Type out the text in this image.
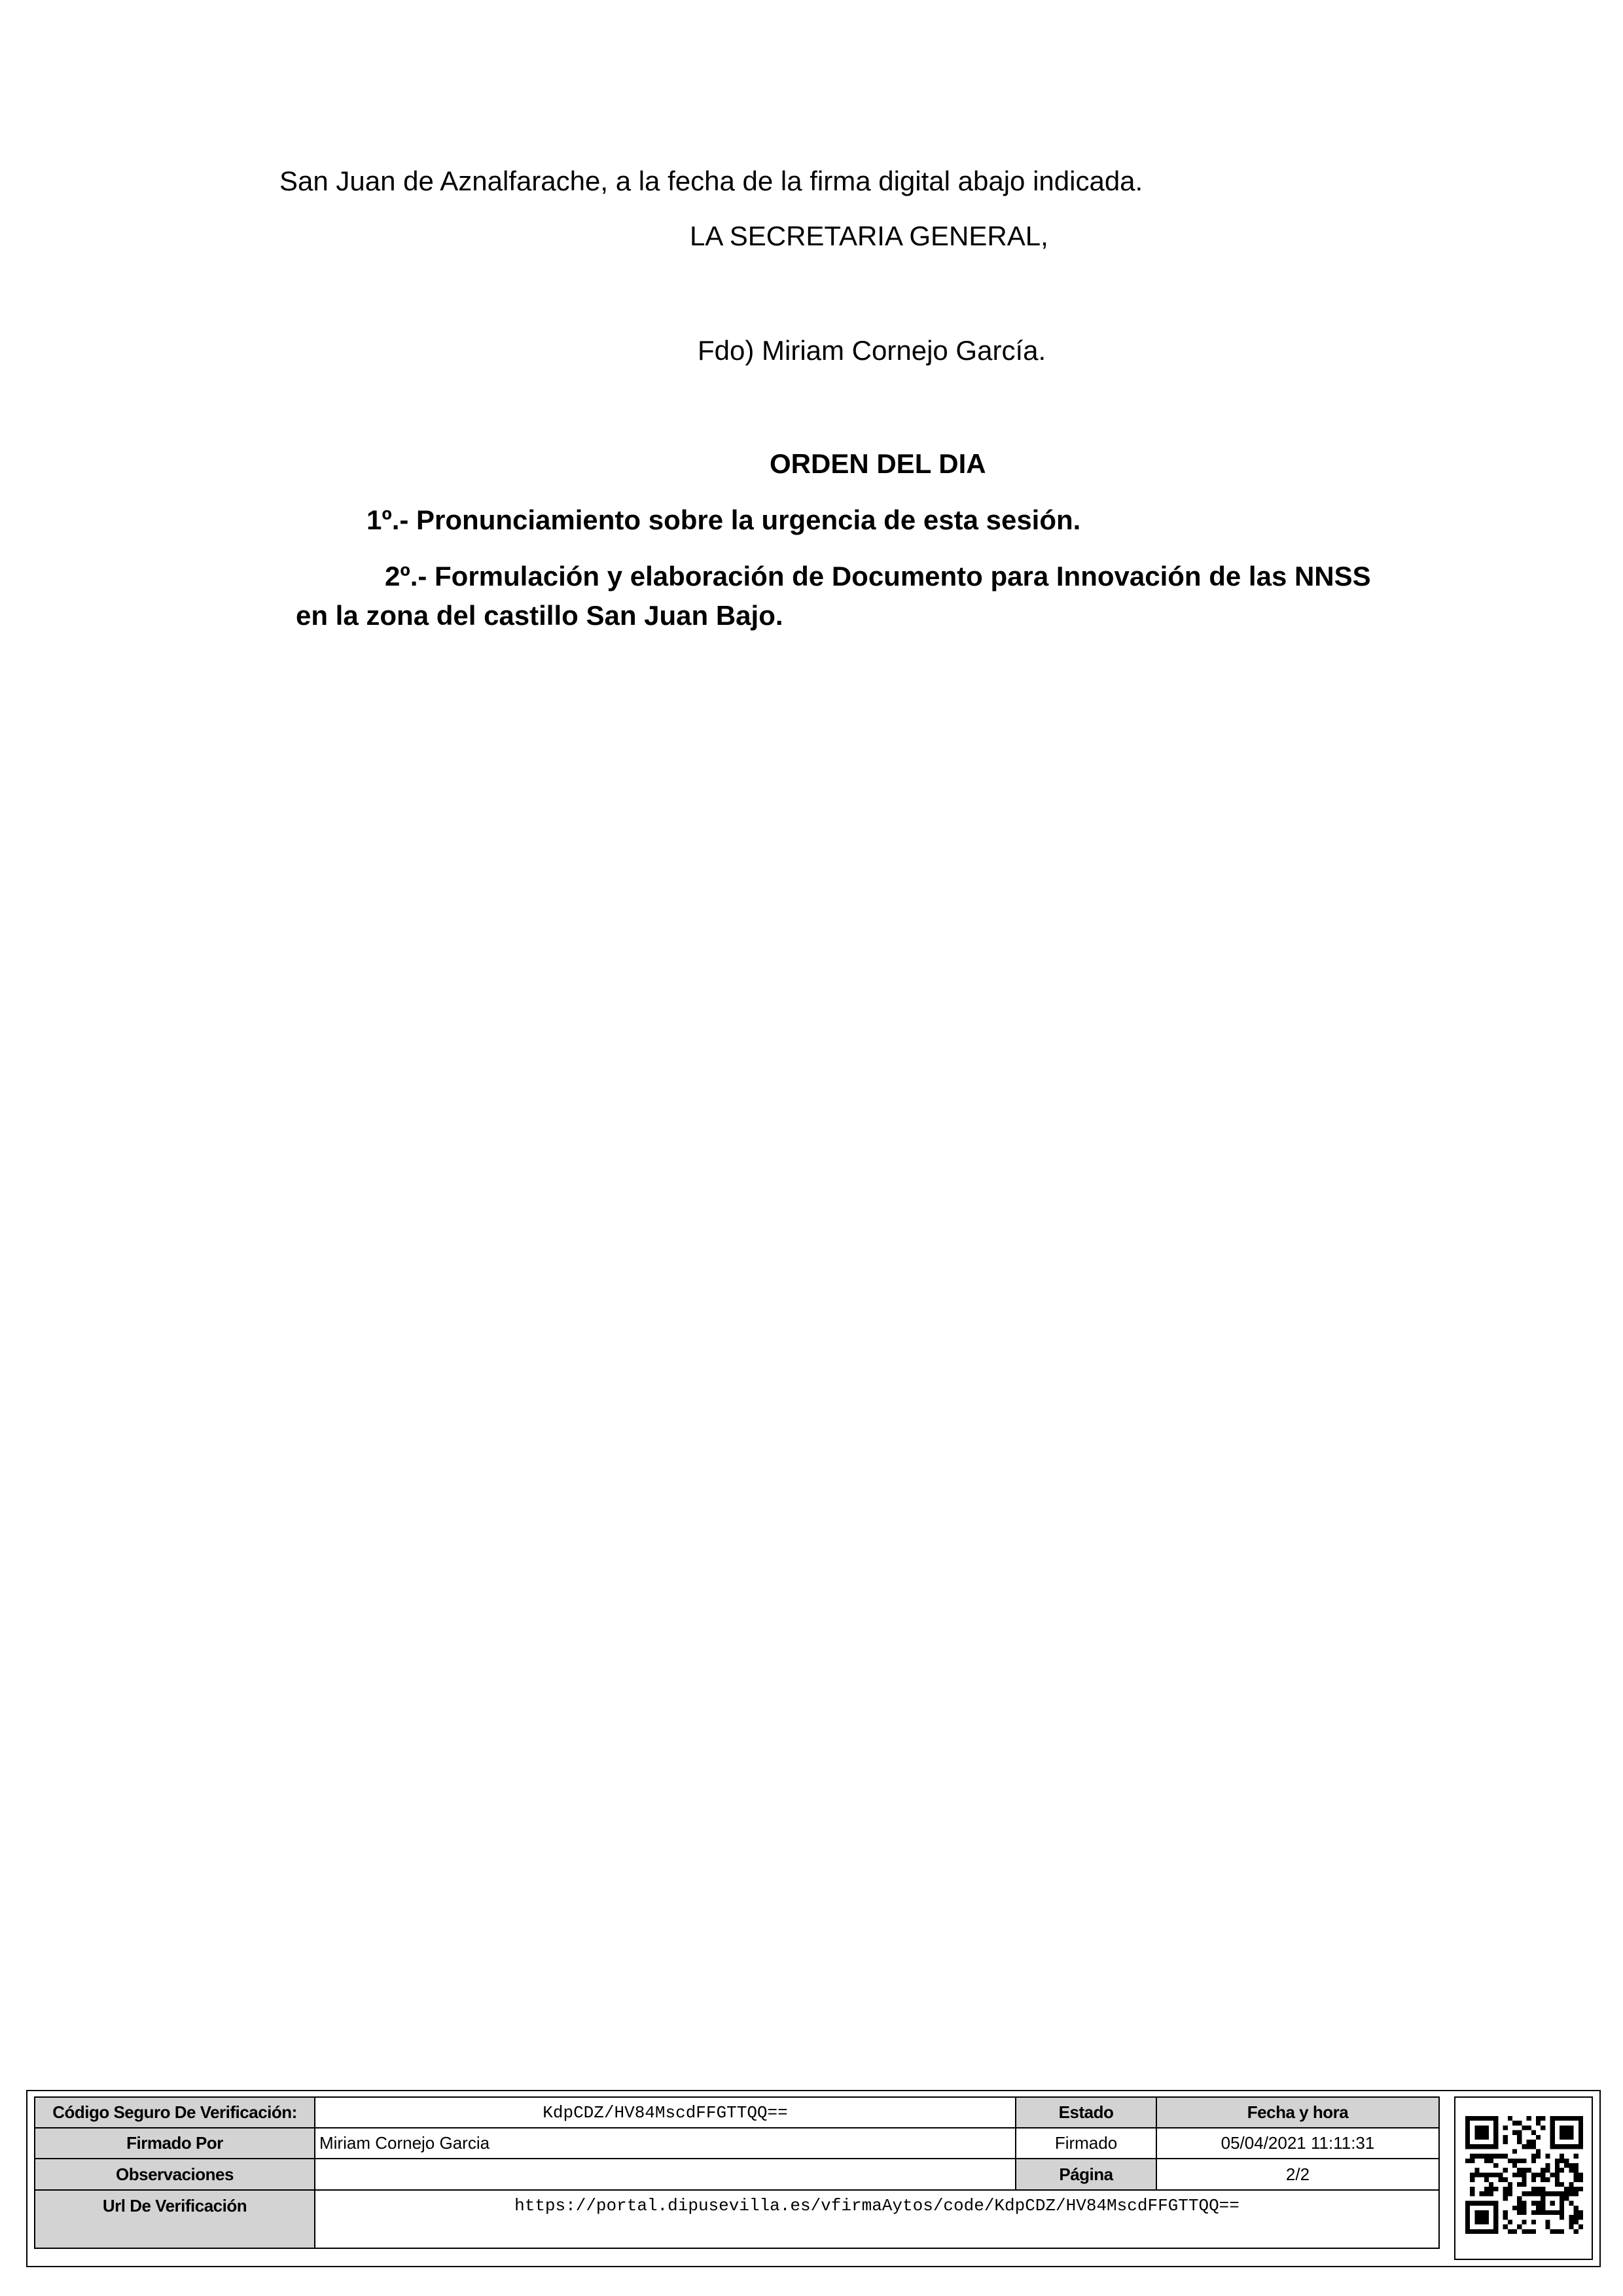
San Juan de Aznalfarache, a la fecha de la firma digital abajo indicada.
LA SECRETARIA GENERAL,
Fdo) Miriam Cornejo García.
ORDEN DEL DIA
1º.- Pronunciamiento sobre la urgencia de esta sesión.
2º.- Formulación y elaboración de Documento para Innovación de las NNSS
en la zona del castillo San Juan Bajo.
Código Seguro De Verificación:	KdpCDZ/HV84MscdFFGTTQQ==	Estado	Fecha y hora
Firmado Por	Miriam Cornejo Garcia	Firmado	05/04/2021 11:11:31
Observaciones		Página	2/2
Url De Verificación	https://portal.dipusevilla.es/vfirmaAytos/code/KdpCDZ/HV84MscdFFGTTQQ==		
